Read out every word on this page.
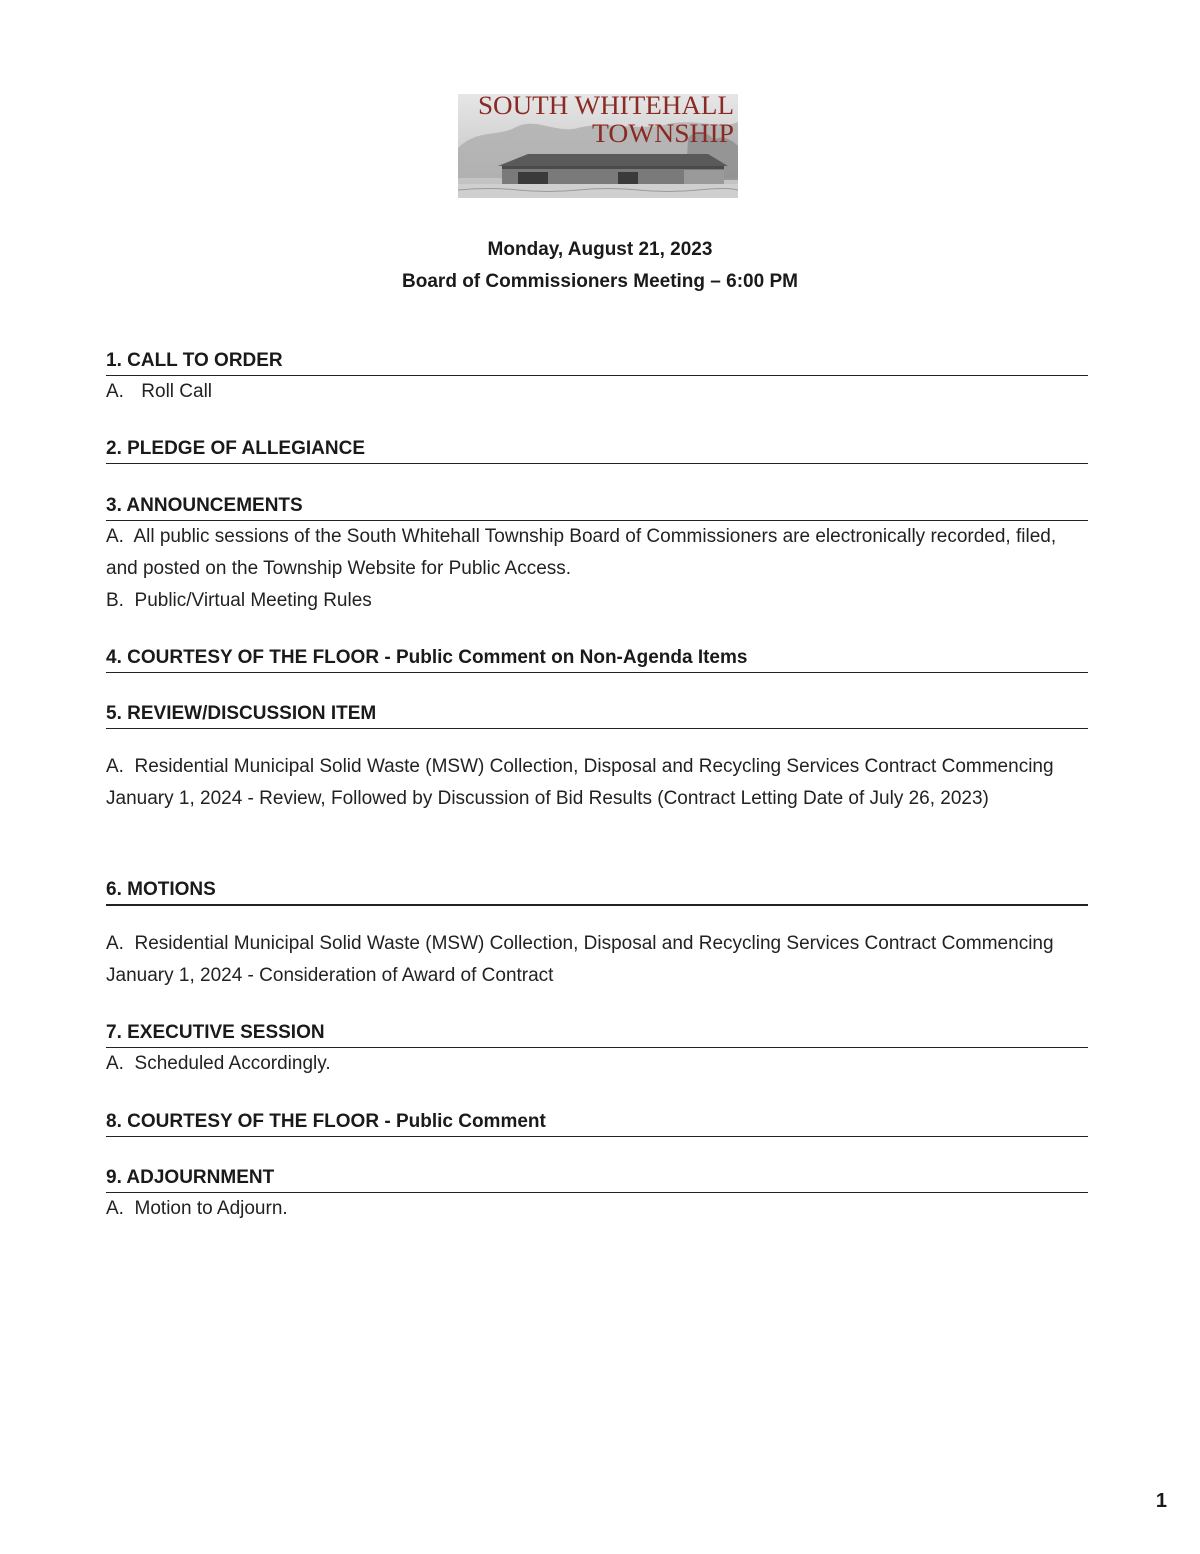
SOUTH WHITEHALL
TOWNSHIP
Monday, August 21, 2023
Board of Commissioners Meeting – 6:00 PM
1. CALL TO ORDER
A. Roll Call
2. PLEDGE OF ALLEGIANCE
3. ANNOUNCEMENTS
A. All public sessions of the South Whitehall Township Board of Commissioners are electronically recorded, filed, and posted on the Township Website for Public Access.
B. Public/Virtual Meeting Rules
4. COURTESY OF THE FLOOR - Public Comment on Non-Agenda Items
5. REVIEW/DISCUSSION ITEM
A. Residential Municipal Solid Waste (MSW) Collection, Disposal and Recycling Services Contract Commencing January 1, 2024 - Review, Followed by Discussion of Bid Results (Contract Letting Date of July 26, 2023)
6. MOTIONS
A. Residential Municipal Solid Waste (MSW) Collection, Disposal and Recycling Services Contract Commencing January 1, 2024 - Consideration of Award of Contract
7. EXECUTIVE SESSION
A. Scheduled Accordingly.
8. COURTESY OF THE FLOOR - Public Comment
9. ADJOURNMENT
A. Motion to Adjourn.
1
